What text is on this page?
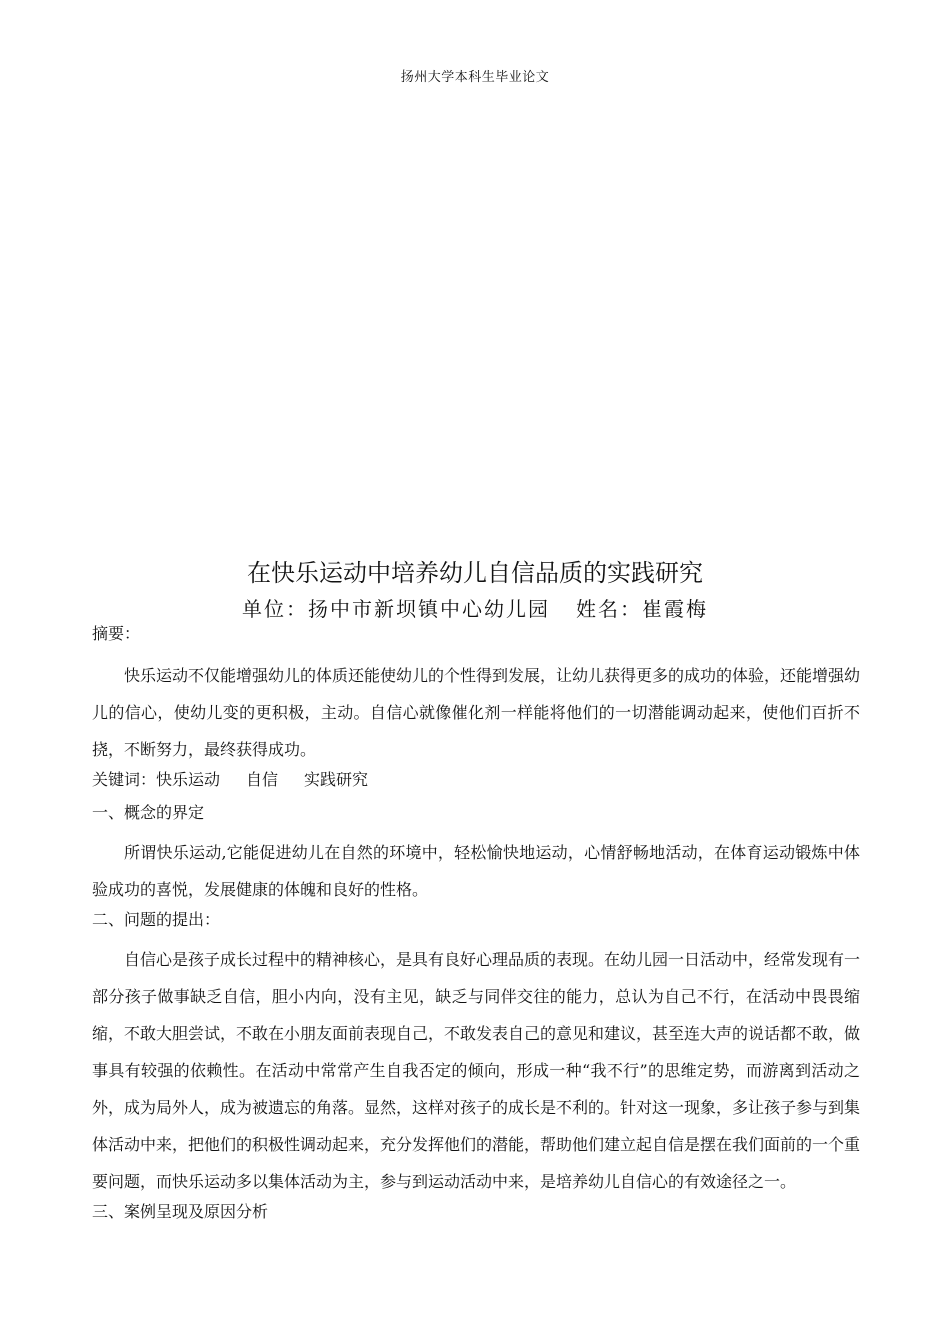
扬州大学本科生毕业论文
在快乐运动中培养幼儿自信品质的实践研究
单位：扬中市新坝镇中心幼儿园 姓名：崔霞梅

摘要：

快乐运动不仅能增强幼儿的体质还能使幼儿的个性得到发展，让幼儿获得更多的成功的体验，还能增强幼儿的信心，使幼儿变的更积极，主动。自信心就像催化剂一样能将他们的一切潜能调动起来，使他们百折不挠，不断努力，最终获得成功。

关键词：快乐运动 自信 实践研究

一、概念的界定

所谓快乐运动,它能促进幼儿在自然的环境中，轻松愉快地运动，心情舒畅地活动，在体育运动锻炼中体验成功的喜悦，发展健康的体魄和良好的性格。

二、问题的提出：

自信心是孩子成长过程中的精神核心，是具有良好心理品质的表现。在幼儿园一日活动中，经常发现有一部分孩子做事缺乏自信，胆小内向，没有主见，缺乏与同伴交往的能力，总认为自己不行，在活动中畏畏缩缩，不敢大胆尝试，不敢在小朋友面前表现自己，不敢发表自己的意见和建议，甚至连大声的说话都不敢，做事具有较强的依赖性。在活动中常常产生自我否定的倾向，形成一种“我不行”的思维定势，而游离到活动之外，成为局外人，成为被遗忘的角落。显然，这样对孩子的成长是不利的。针对这一现象，多让孩子参与到集体活动中来，把他们的积极性调动起来，充分发挥他们的潜能，帮助他们建立起自信是摆在我们面前的一个重要问题，而快乐运动多以集体活动为主，参与到运动活动中来，是培养幼儿自信心的有效途径之一。

三、案例呈现及原因分析
